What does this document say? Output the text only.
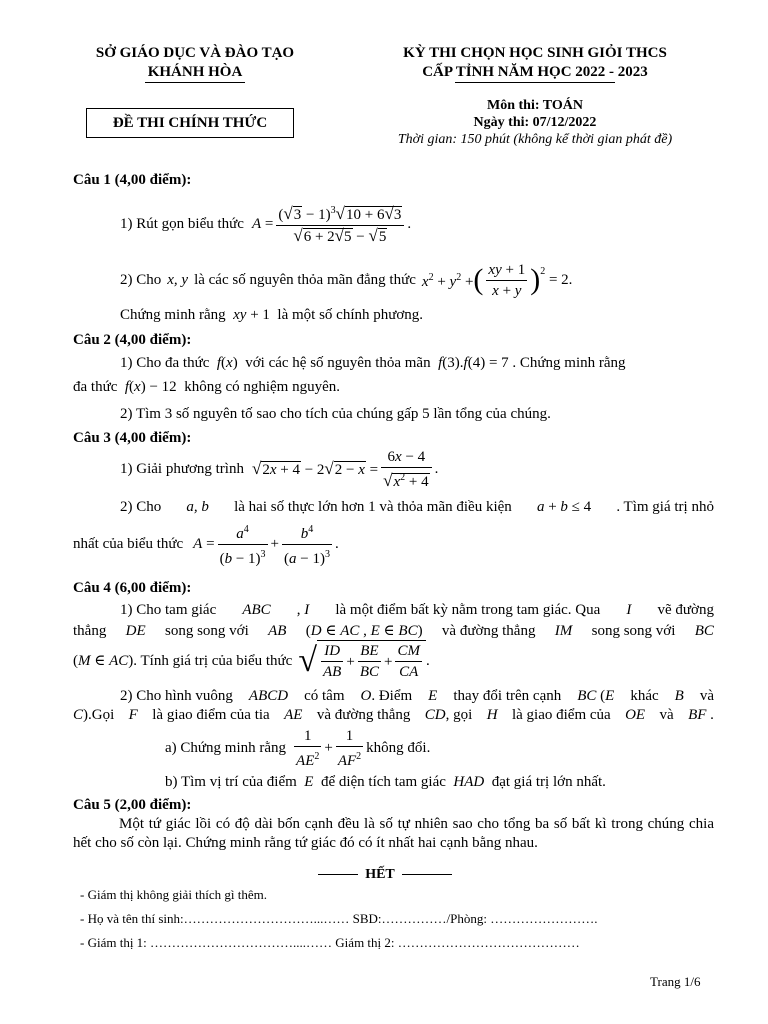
SỞ GIÁO DỤC VÀ ĐÀO TẠO
KHÁNH HÒA
KỲ THI CHỌN HỌC SINH GIỎI THCS
CẤP TỈNH NĂM HỌC 2022 - 2023
ĐỀ THI CHÍNH THỨC
Môn thi: TOÁN
Ngày thi: 07/12/2022
Thời gian: 150 phút (không kể thời gian phát đề)
Câu 1 (4,00 điểm):
1) Rút gọn biểu thức $A = \frac{(√3 - 1)^3√10 + 6√3}{√6 + 2√5 - √5}$ .
2) Cho x, y là các số nguyên thỏa mãn đẳng thức $x^2 + y^2$ + ( $\frac{xy + 1}{x + y} )^2$
= 2.
Chứng minh rằng  xy + 1  là một số chính phương.
Câu 2 (4,00 điểm):
1) Cho đa thức  f(x)  với các hệ số nguyên thỏa mãn  f(3).f(4) = 7 . Chứng minh rằng
đa thức  f(x) − 12  không có nghiệm nguyên.
2) Tìm 3 số nguyên tố sao cho tích của chúng gấp 5 lần tổng của chúng.
Câu 3 (4,00 điểm):
1) Giải phương trình $√2x + 4 - 2√2 - x = \frac{6x - 4}{√x^2 + 4}$ .
2) Cho a, b là hai số thực lớn hơn 1 và thỏa mãn điều kiện a + b ≤ 4 . Tìm giá trị nhỏ
nhất của biểu thức $A = \frac{a^4}{(b - 1)^3} + \frac{b^4}{(a - 1)^3}$ .
Câu 4 (6,00 điểm):
1) Cho tam giác ABC , I là một điểm bất kỳ nằm trong tam giác. Qua I vẽ đường
thẳng DE song song với AB (D ∈ AC , E ∈ BC) và đường thẳng IM song song với BC
(M ∈ AC) . Tính giá trị của biểu thức √ $\frac{ID}{AB} + \frac{BE}{BC} + \frac{CM}{CA}$ .
2) Cho hình vuông ABCD có tâm O. Điểm E thay đổi trên cạnh BC (E khác B và
C).Gọi F là giao điểm của tia AE và đường thẳng CD, gọi H là giao điểm của OE và BF .
a) Chứng minh rằng $\frac{1}{AE^2} + \frac{1}{AF^2}$ không đổi.
b) Tìm vị trí của điểm  E  để diện tích tam giác  HAD  đạt giá trị lớn nhất.
Câu 5 (2,00 điểm):
Một tứ giác lồi có độ dài bốn cạnh đều là số tự nhiên sao cho tổng ba số bất kì trong chúng chia hết cho số còn lại. Chứng minh rằng tứ giác đó có ít nhất hai cạnh bằng nhau.
HẾT
- Giám thị không giải thích gì thêm.
- Họ và tên thí sinh:…………………………...…… SBD:……………/Phòng: …………………….
- Giám thị 1: ……………………………....…… Giám thị 2: ……………………………………
Trang 1/6
